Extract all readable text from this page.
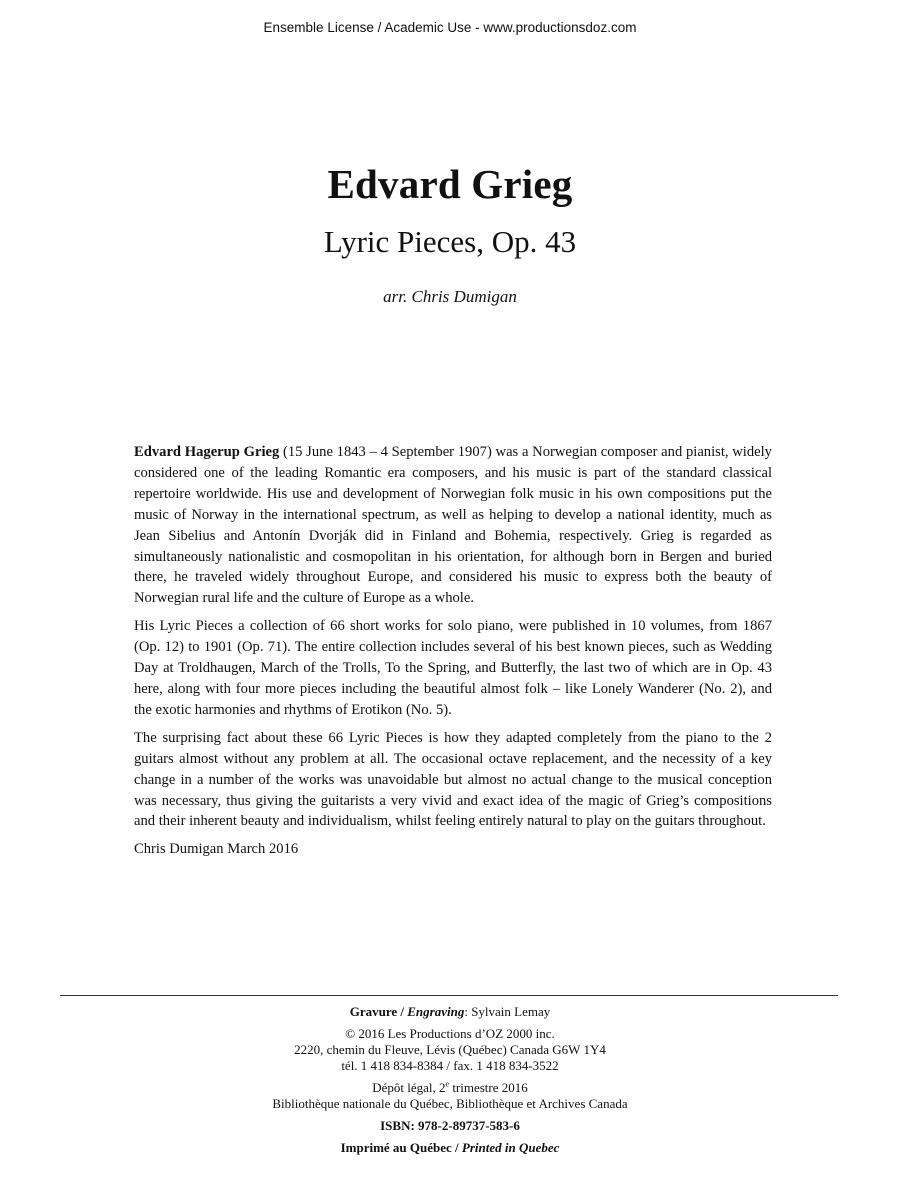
Ensemble License / Academic Use - www.productionsdoz.com
Edvard Grieg
Lyric Pieces, Op. 43
arr. Chris Dumigan

Edvard Hagerup Grieg (15 June 1843 – 4 September 1907) was a Norwegian composer and pianist, widely considered one of the leading Romantic era composers, and his music is part of the standard classical repertoire worldwide. His use and development of Norwegian folk music in his own compositions put the music of Norway in the international spectrum, as well as helping to develop a national identity, much as Jean Sibelius and Antonín Dvorják did in Finland and Bohemia, respectively. Grieg is regarded as simultaneously nationalistic and cosmopolitan in his orientation, for although born in Bergen and buried there, he traveled widely throughout Europe, and considered his music to express both the beauty of Norwegian rural life and the culture of Europe as a whole.

His Lyric Pieces a collection of 66 short works for solo piano, were published in 10 volumes, from 1867 (Op. 12) to 1901 (Op. 71). The entire collection includes several of his best known pieces, such as Wedding Day at Troldhaugen, March of the Trolls, To the Spring, and Butterfly, the last two of which are in Op. 43 here, along with four more pieces including the beautiful almost folk – like Lonely Wanderer (No. 2), and the exotic harmonies and rhythms of Erotikon (No. 5).

The surprising fact about these 66 Lyric Pieces is how they adapted completely from the piano to the 2 guitars almost without any problem at all. The occasional octave replacement, and the necessity of a key change in a number of the works was unavoidable but almost no actual change to the musical conception was necessary, thus giving the guitarists a very vivid and exact idea of the magic of Grieg’s compositions and their inherent beauty and individualism, whilst feeling entirely natural to play on the guitars throughout.

Chris Dumigan March 2016

Gravure / Engraving: Sylvain Lemay
© 2016 Les Productions d’OZ 2000 inc.
2220, chemin du Fleuve, Lévis (Québec) Canada G6W 1Y4
tél. 1 418 834-8384 / fax. 1 418 834-3522
Dépôt légal, 2e trimestre 2016
Bibliothèque nationale du Québec, Bibliothèque et Archives Canada
ISBN: 978-2-89737-583-6
Imprimé au Québec / Printed in Quebec
